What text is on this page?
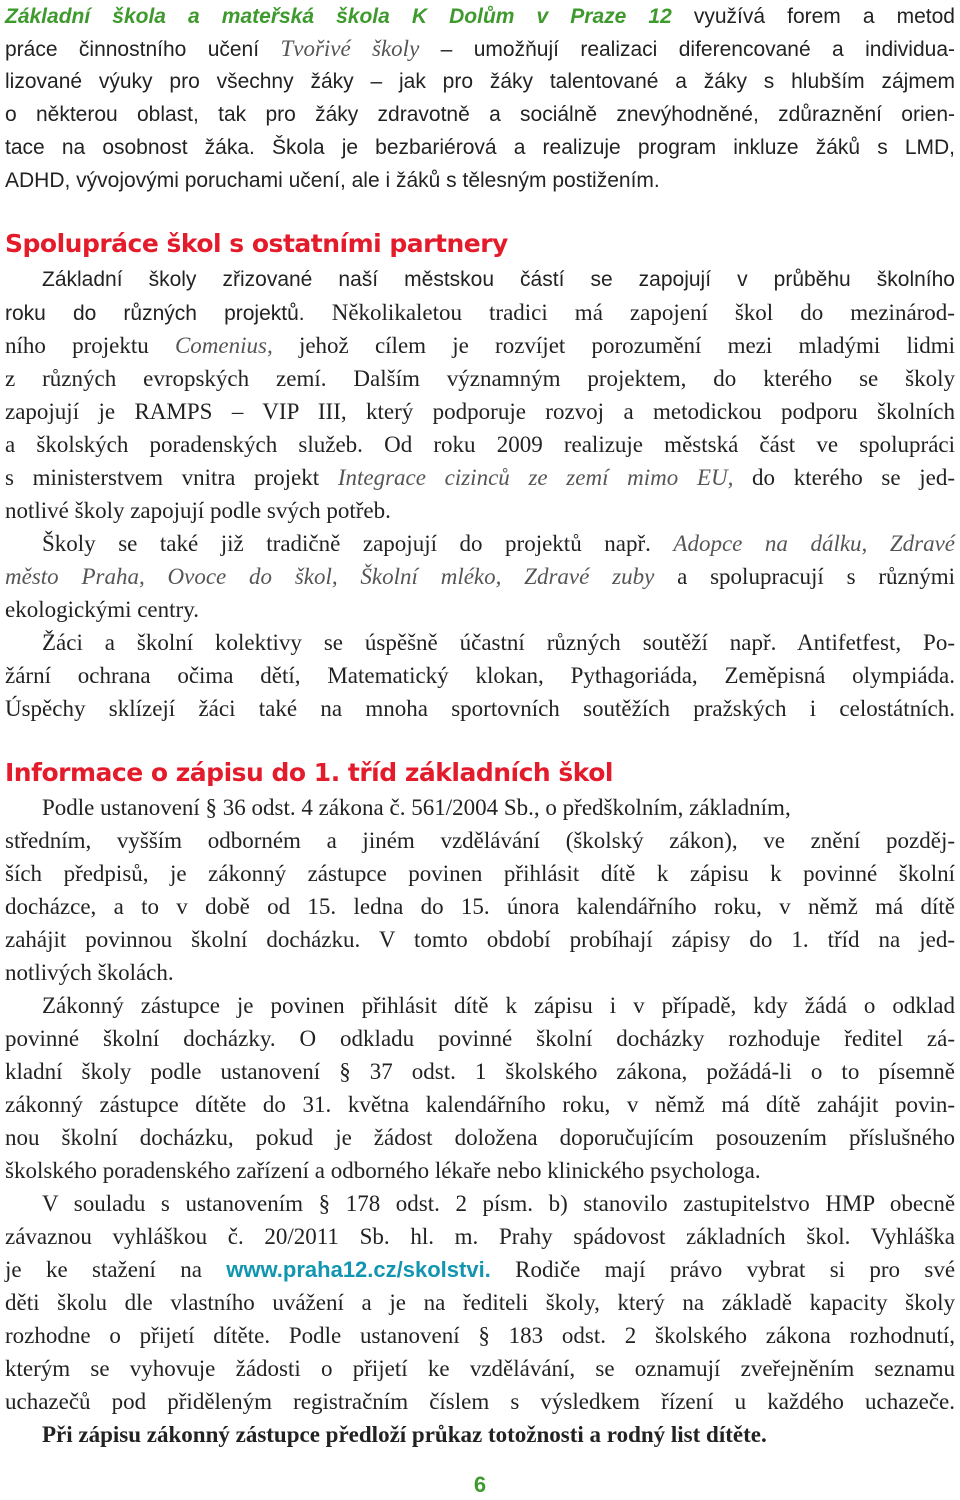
Základní škola a mateřská škola K Dolům v Praze 12 využívá forem a metod

práce činnostního učení Tvořivé školy – umožňují realizaci diferencované a individua-

lizované výuky pro všechny žáky – jak pro žáky talentované a žáky s hlubším zájmem

o některou oblast, tak pro žáky zdravotně a sociálně znevýhodněné, zdůraznění orien-

tace na osobnost žáka. Škola je bezbariérová a realizuje program inkluze žáků s LMD,

ADHD, vývojovými poruchami učení, ale i žáků s tělesným postižením.

Spolupráce škol s ostatními partnery

Základní školy zřizované naší městskou částí se zapojují v průběhu školního

roku do různých projektů. Několikaletou tradici má zapojení škol do mezinárod-

ního projektu Comenius, jehož cílem je rozvíjet porozumění mezi mladými lidmi

z různých evropských zemí. Dalším významným projektem, do kterého se školy

zapojují je RAMPS – VIP III, který podporuje rozvoj a metodickou podporu školních

a školských poradenských služeb. Od roku 2009 realizuje městská část ve spolupráci

s ministerstvem vnitra projekt Integrace cizinců ze zemí mimo EU, do kterého se jed-

notlivé školy zapojují podle svých potřeb.

Školy se také již tradičně zapojují do projektů např. Adopce na dálku, Zdravé

město Praha, Ovoce do škol, Školní mléko, Zdravé zuby a spolupracují s různými

ekologickými centry.

Žáci a školní kolektivy se úspěšně účastní různých soutěží např. Antifetfest, Po-

žární ochrana očima dětí, Matematický klokan, Pythagoriáda, Zeměpisná olympiáda.

Úspěchy sklízejí žáci také na mnoha sportovních soutěžích pražských i celostátních.

Informace o zápisu do 1. tříd základních škol

Podle ustanovení § 36 odst. 4 zákona č. 561/2004 Sb., o předškolním, základním,

středním, vyšším odborném a jiném vzdělávání (školský zákon), ve znění pozděj-

ších předpisů, je zákonný zástupce povinen přihlásit dítě k zápisu k povinné školní

docházce, a to v době od 15. ledna do 15. února kalendářního roku, v němž má dítě

zahájit povinnou školní docházku. V tomto období probíhají zápisy do 1. tříd na jed-

notlivých školách.

Zákonný zástupce je povinen přihlásit dítě k zápisu i v případě, kdy žádá o odklad

povinné školní docházky. O odkladu povinné školní docházky rozhoduje ředitel zá-

kladní školy podle ustanovení § 37 odst. 1 školského zákona, požádá-li o to písemně

zákonný zástupce dítěte do 31. května kalendářního roku, v němž má dítě zahájit povin-

nou školní docházku, pokud je žádost doložena doporučujícím posouzením příslušného

školského poradenského zařízení a odborného lékaře nebo klinického psychologa.

V souladu s ustanovením § 178 odst. 2 písm. b) stanovilo zastupitelstvo HMP obecně

závaznou vyhláškou č. 20/2011 Sb. hl. m. Prahy spádovost základních škol. Vyhláška

je ke stažení na www.praha12.cz/skolstvi. Rodiče mají právo vybrat si pro své

děti školu dle vlastního uvážení a je na řediteli školy, který na základě kapacity školy

rozhodne o přijetí dítěte. Podle ustanovení § 183 odst. 2 školského zákona rozhodnutí,

kterým se vyhovuje žádosti o přijetí ke vzdělávání, se oznamují zveřejněním seznamu

uchazečů pod přiděleným registračním číslem s výsledkem řízení u každého uchazeče.

Při zápisu zákonný zástupce předloží průkaz totožnosti a rodný list dítěte.

6
